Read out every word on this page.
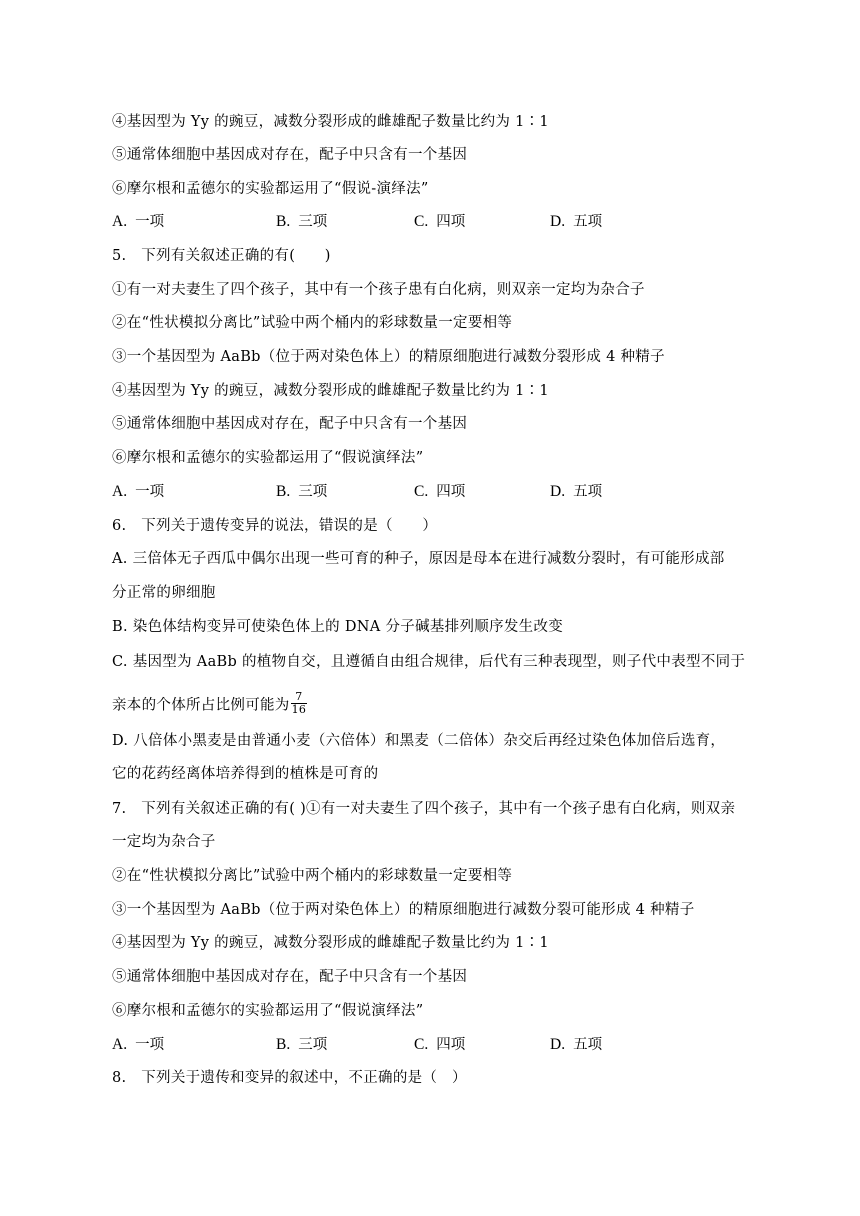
④基因型为 Yy 的豌豆，减数分裂形成的雌雄配子数量比约为 1∶1
⑤通常体细胞中基因成对存在，配子中只含有一个基因
⑥摩尔根和孟德尔的实验都运用了“假说-演绎法”
A. 一项	B. 三项	C. 四项	D. 五项
5.　下列有关叙述正确的有(　　)
①有一对夫妻生了四个孩子，其中有一个孩子患有白化病，则双亲一定均为杂合子
②在“性状模拟分离比”试验中两个桶内的彩球数量一定要相等
③一个基因型为 AaBb（位于两对染色体上）的精原细胞进行减数分裂形成 4 种精子
④基因型为 Yy 的豌豆，减数分裂形成的雌雄配子数量比约为 1∶1
⑤通常体细胞中基因成对存在，配子中只含有一个基因
⑥摩尔根和孟德尔的实验都运用了“假说演绎法”
A. 一项	B. 三项	C. 四项	D. 五项
6.　下列关于遗传变异的说法，错误的是（　　）
A. 三倍体无子西瓜中偶尔出现一些可育的种子，原因是母本在进行减数分裂时，有可能形成部
分正常的卵细胞
B. 染色体结构变异可使染色体上的 DNA 分子碱基排列顺序发生改变
C. 基因型为 AaBb 的植物自交，且遵循自由组合规律，后代有三种表现型，则子代中表型不同于
亲本的个体所占比例可能为 $\frac{7}{16}$
D. 八倍体小黑麦是由普通小麦（六倍体）和黑麦（二倍体）杂交后再经过染色体加倍后选育，
它的花药经离体培养得到的植株是可育的
7.　下列有关叙述正确的有( )①有一对夫妻生了四个孩子，其中有一个孩子患有白化病，则双亲
一定均为杂合子
②在“性状模拟分离比”试验中两个桶内的彩球数量一定要相等
③一个基因型为 AaBb（位于两对染色体上）的精原细胞进行减数分裂可能形成 4 种精子
④基因型为 Yy 的豌豆，减数分裂形成的雌雄配子数量比约为 1∶1
⑤通常体细胞中基因成对存在，配子中只含有一个基因
⑥摩尔根和孟德尔的实验都运用了“假说演绎法”
A. 一项	B. 三项	C. 四项	D. 五项
8.　下列关于遗传和变异的叙述中，不正确的是（　）
